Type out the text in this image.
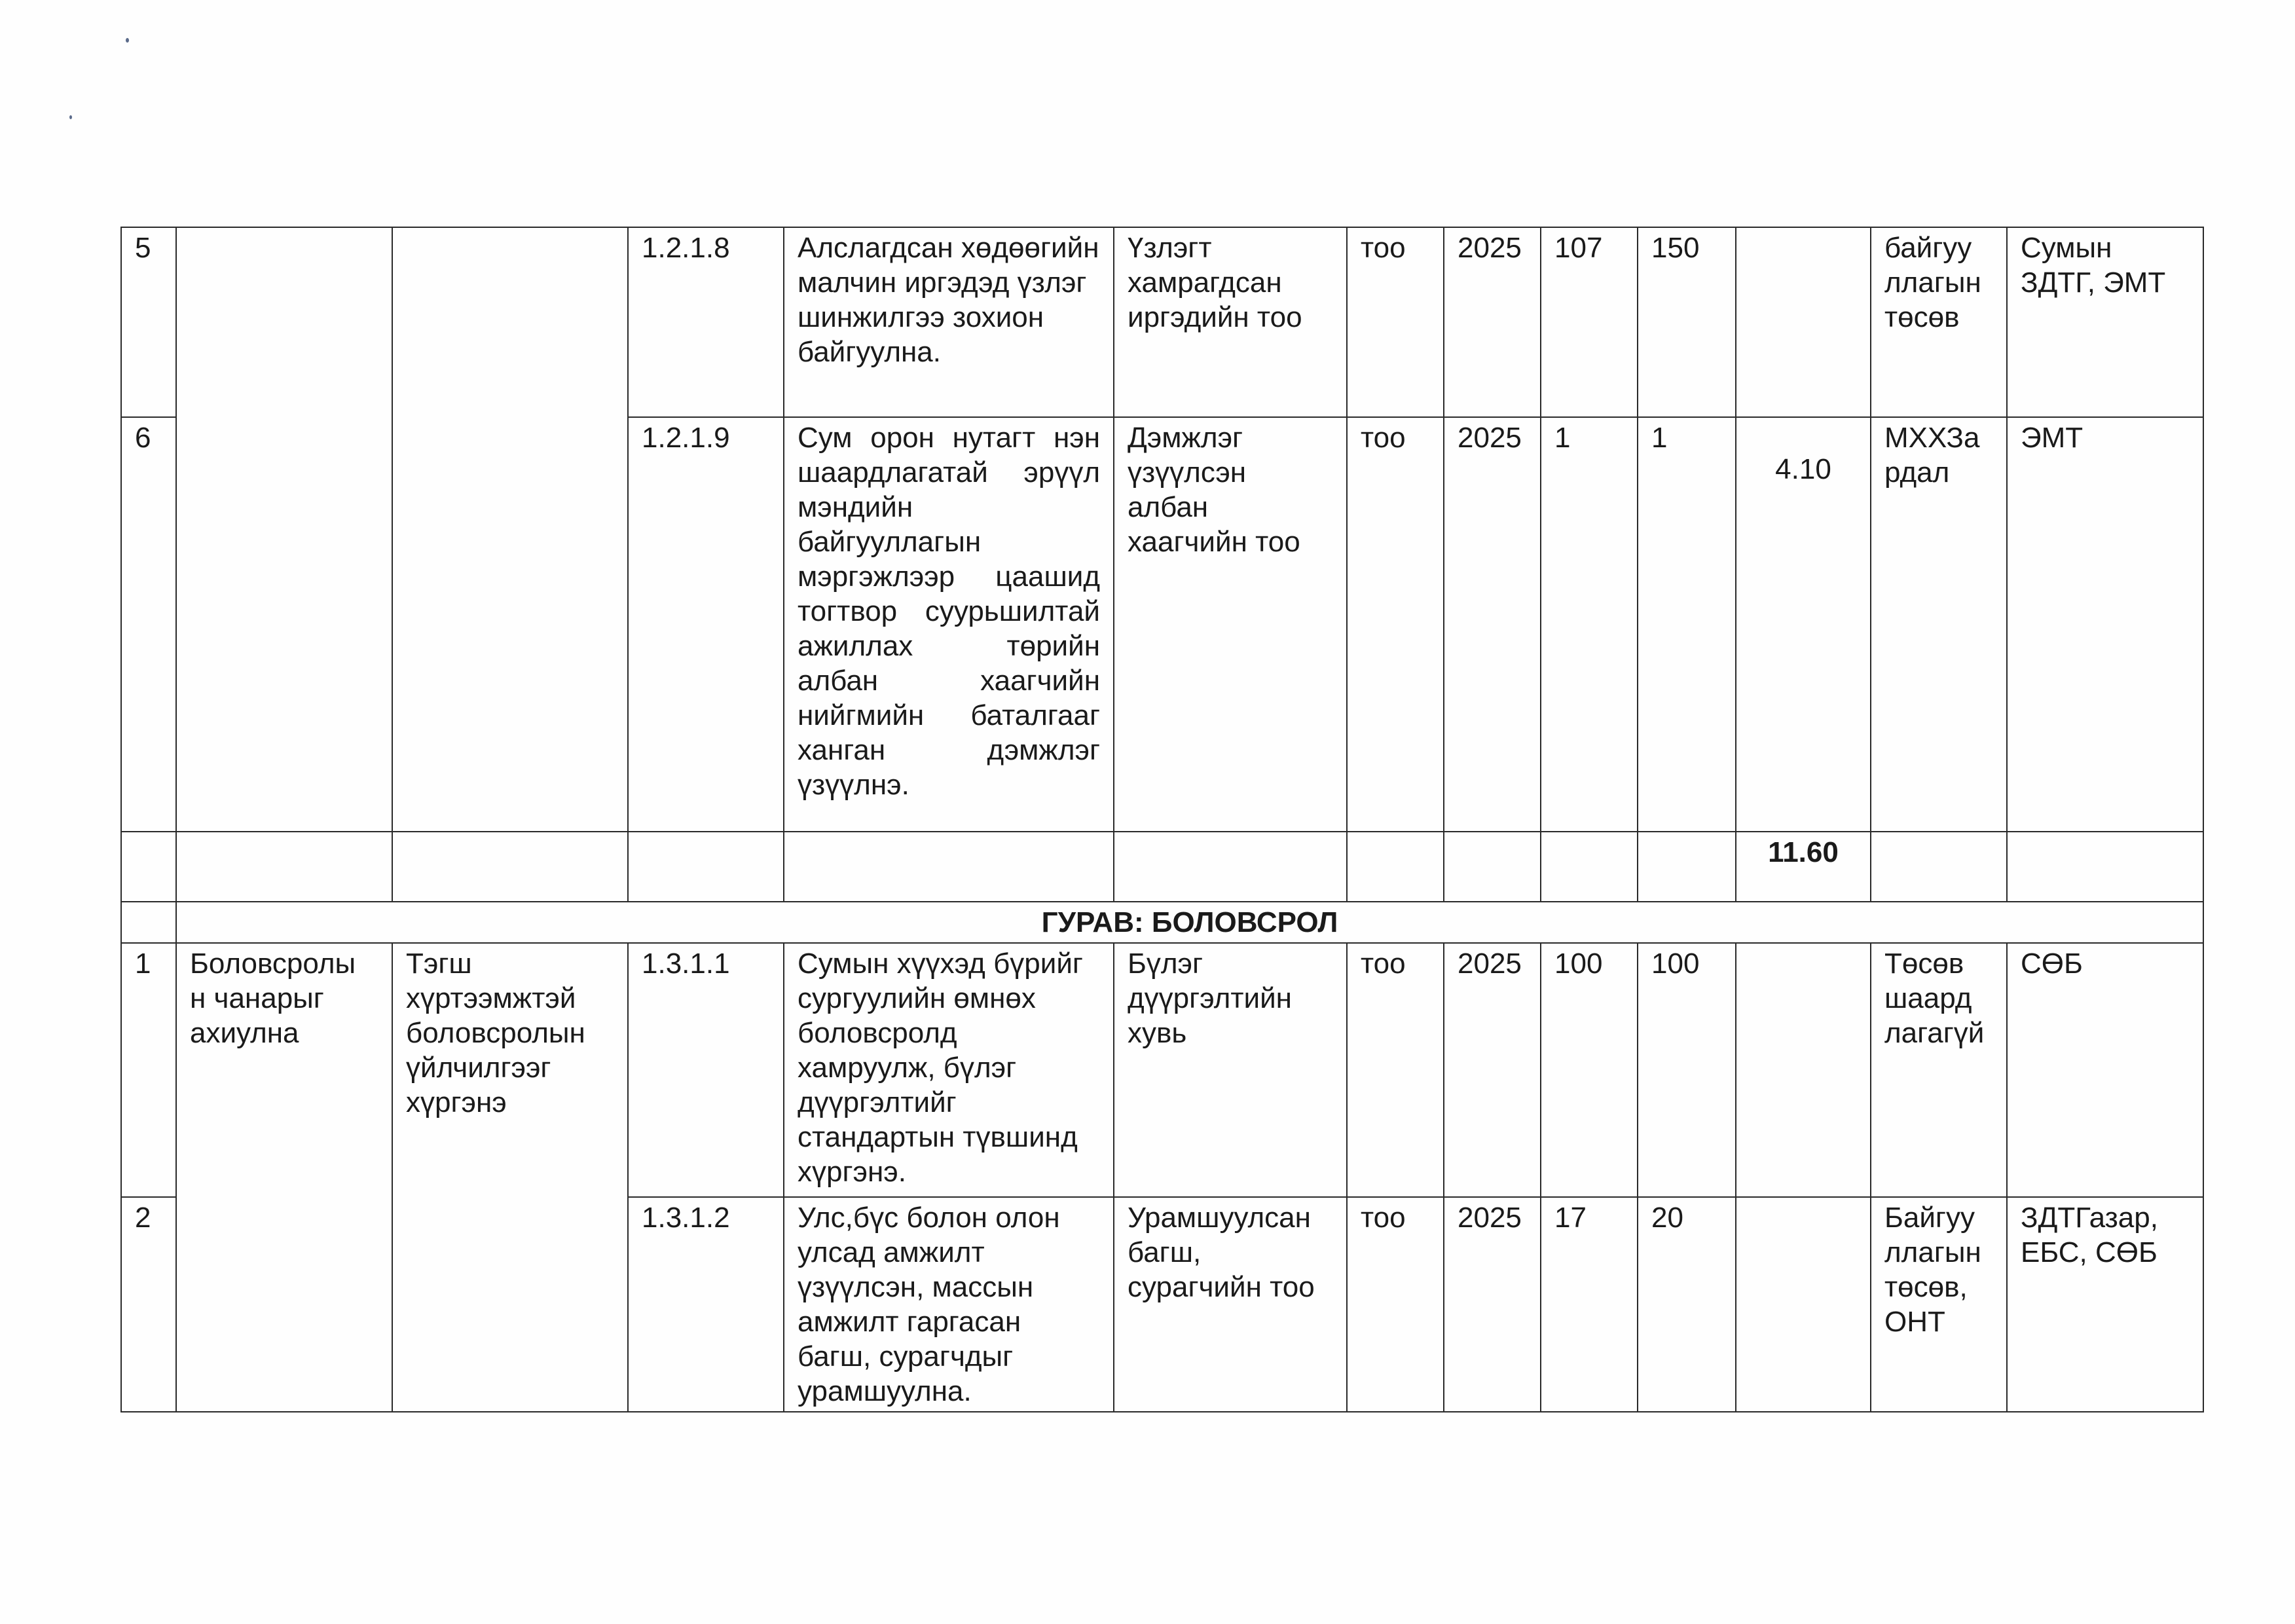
5			1.2.1.8	Алслагдсан хөдөөгийн малчин иргэдэд үзлэг шинжилгээ зохион байгуулна.	Үзлэгт хамрагдсан иргэдийн тоо	тоо	2025	107	150		байгуу ллагын төсөв	Сумын ЗДТГ, ЭМТ
6			1.2.1.9	Сум орон нутагт нэн шаардлагатай эрүүл мэндийн байгууллагын мэргэжлээр цаашид тогтвор суурьшилтай ажиллах төрийн албан хаагчийн нийгмийн баталгааг ханган дэмжлэг үзүүлнэ.	Дэмжлэг үзүүлсэн албан хаагчийн тоо	тоо	2025	1	1	4.10	МХХЗа рдал	ЭМТ
										11.60		
	ГУРАВ: БОЛОВСРОЛ											
1	Боловсролы н чанарыг ахиулна	Тэгш хүртээмжтэй боловсролын үйлчилгээг хүргэнэ	1.3.1.1	Сумын хүүхэд бүрийг сургуулийн өмнөх боловсролд хамруулж, бүлэг дүүргэлтийг стандартын түвшинд хүргэнэ.	Бүлэг дүүргэлтийн хувь	тоо	2025	100	100		Төсөв шаард лагагүй	СӨБ
2			1.3.1.2	Улс,бүс болон олон улсад амжилт үзүүлсэн, массын амжилт гаргасан багш, сурагчдыг урамшуулна.	Урамшуулсан багш, сурагчийн тоо	тоо	2025	17	20		Байгуу ллагын төсөв, ОНТ	ЗДТГазар, ЕБС, СӨБ
